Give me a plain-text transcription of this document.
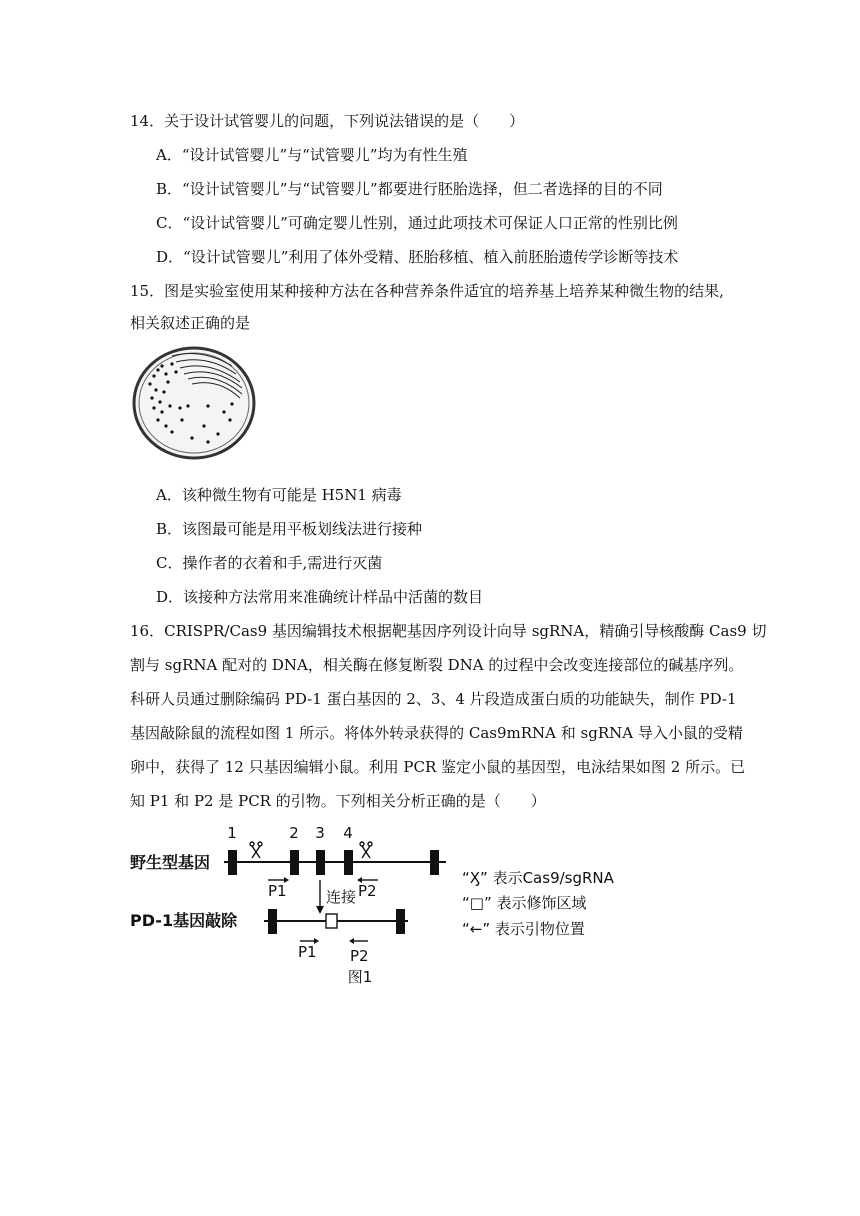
14．关于设计试管婴儿的问题，下列说法错误的是（　　）
A．“设计试管婴儿”与“试管婴儿”均为有性生殖
B．“设计试管婴儿”与“试管婴儿”都要进行胚胎选择，但二者选择的目的不同
C．“设计试管婴儿”可确定婴儿性别，通过此项技术可保证人口正常的性别比例
D．“设计试管婴儿”利用了体外受精、胚胎移植、植入前胚胎遗传学诊断等技术
15．图是实验室使用某种接种方法在各种营养条件适宜的培养基上培养某种微生物的结果,
相关叙述正确的是
A．该种微生物有可能是 H5N1 病毒
B．该图最可能是用平板划线法进行接种
C．操作者的衣着和手,需进行灭菌
D．该接种方法常用来准确统计样品中活菌的数目
16．CRISPR/Cas9 基因编辑技术根据靶基因序列设计向导 sgRNA，精确引导核酸酶 Cas9 切
割与 sgRNA 配对的 DNA，相关酶在修复断裂 DNA 的过程中会改变连接部位的碱基序列。
科研人员通过删除编码 PD-1 蛋白基因的 2、3、4 片段造成蛋白质的功能缺失，制作 PD-1
基因敲除鼠的流程如图 1 所示。将体外转录获得的 Cas9mRNA 和 sgRNA 导入小鼠的受精
卵中，获得了 12 只基因编辑小鼠。利用 PCR 鉴定小鼠的基因型，电泳结果如图 2 所示。已
知 P1 和 P2 是 PCR 的引物。下列相关分析正确的是（　　）
1	2 3 4
野生型基因
PD-1基因敲除
P1	P2
连接
P1 P2
“Ӽ” 表示Cas9/sgRNA
“□” 表示修饰区域
“←” 表示引物位置
图1
